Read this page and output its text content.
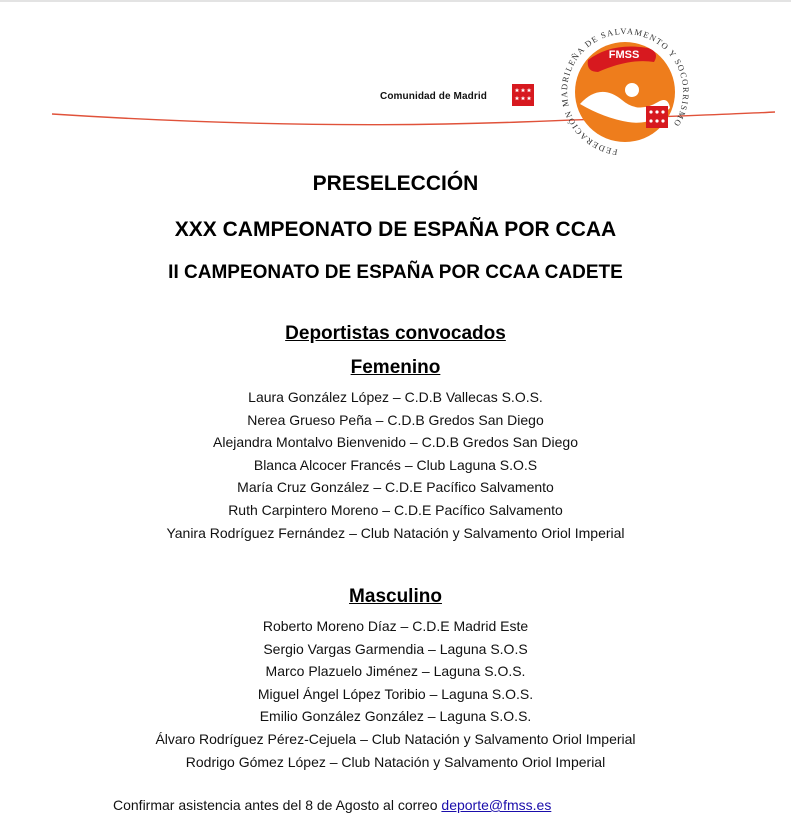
Comunidad de Madrid
FMSS
FEDERACIÓN MADRILEÑA DE SALVAMENTO Y SOCORRISMO
PRESELECCIÓN
XXX CAMPEONATO DE ESPAÑA POR CCAA
II CAMPEONATO DE ESPAÑA POR CCAA CADETE
Deportistas convocados
Femenino
Laura González López – C.D.B Vallecas S.O.S.
Nerea Grueso Peña – C.D.B Gredos San Diego
Alejandra Montalvo Bienvenido – C.D.B Gredos San Diego
Blanca Alcocer Francés – Club Laguna S.O.S
María Cruz González – C.D.E Pacífico Salvamento
Ruth Carpintero Moreno – C.D.E Pacífico Salvamento
Yanira Rodríguez Fernández – Club Natación y Salvamento Oriol Imperial
Masculino
Roberto Moreno Díaz – C.D.E Madrid Este
Sergio Vargas Garmendia – Laguna S.O.S
Marco Plazuelo Jiménez – Laguna S.O.S.
Miguel Ángel López Toribio – Laguna S.O.S.
Emilio González González – Laguna S.O.S.
Álvaro Rodríguez Pérez-Cejuela – Club Natación y Salvamento Oriol Imperial
Rodrigo Gómez López – Club Natación y Salvamento Oriol Imperial
Confirmar asistencia antes del 8 de Agosto al correo deporte@fmss.es
